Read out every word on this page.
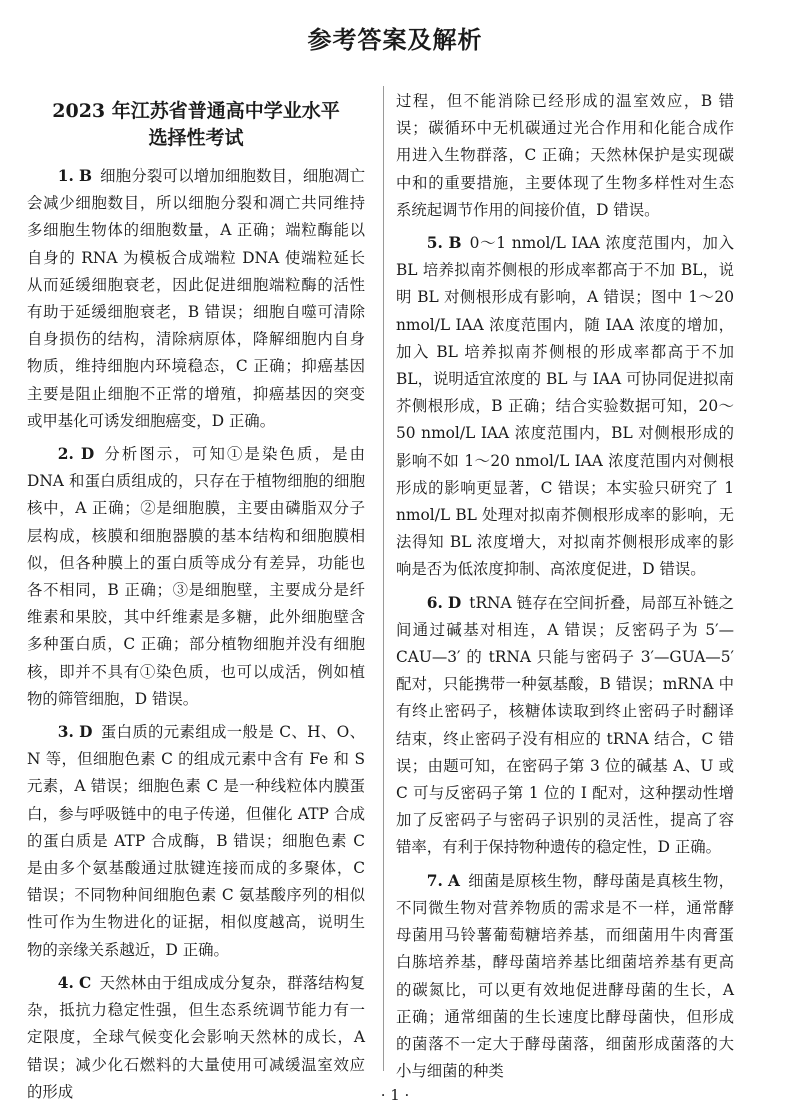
参考答案及解析
2023 年江苏省普通高中学业水平
选择性考试

1. B 细胞分裂可以增加细胞数目，细胞凋亡会减少细胞数目，所以细胞分裂和凋亡共同维持多细胞生物体的细胞数量，A 正确；端粒酶能以自身的 RNA 为模板合成端粒 DNA 使端粒延长从而延缓细胞衰老，因此促进细胞端粒酶的活性有助于延缓细胞衰老，B 错误；细胞自噬可清除自身损伤的结构，清除病原体，降解细胞内自身物质，维持细胞内环境稳态，C 正确；抑癌基因主要是阻止细胞不正常的增殖，抑癌基因的突变或甲基化可诱发细胞癌变，D 正确。

2. D 分析图示，可知①是染色质，是由 DNA 和蛋白质组成的，只存在于植物细胞的细胞核中，A 正确；②是细胞膜，主要由磷脂双分子层构成，核膜和细胞器膜的基本结构和细胞膜相似，但各种膜上的蛋白质等成分有差异，功能也各不相同，B 正确；③是细胞壁，主要成分是纤维素和果胶，其中纤维素是多糖，此外细胞壁含多种蛋白质，C 正确；部分植物细胞并没有细胞核，即并不具有①染色质，也可以成活，例如植物的筛管细胞，D 错误。

3. D 蛋白质的元素组成一般是 C、H、O、N 等，但细胞色素 C 的组成元素中含有 Fe 和 S 元素，A 错误；细胞色素 C 是一种线粒体内膜蛋白，参与呼吸链中的电子传递，但催化 ATP 合成的蛋白质是 ATP 合成酶，B 错误；细胞色素 C 是由多个氨基酸通过肽键连接而成的多聚体，C 错误；不同物种间细胞色素 C 氨基酸序列的相似性可作为生物进化的证据，相似度越高，说明生物的亲缘关系越近，D 正确。

4. C 天然林由于组成成分复杂，群落结构复杂，抵抗力稳定性强，但生态系统调节能力有一定限度，全球气候变化会影响天然林的成长，A 错误；减少化石燃料的大量使用可减缓温室效应的形成

过程，但不能消除已经形成的温室效应，B 错误；碳循环中无机碳通过光合作用和化能合成作用进入生物群落，C 正确；天然林保护是实现碳中和的重要措施，主要体现了生物多样性对生态系统起调节作用的间接价值，D 错误。

5. B 0～1 nmol/L IAA 浓度范围内，加入 BL 培养拟南芥侧根的形成率都高于不加 BL，说明 BL 对侧根形成有影响，A 错误；图中 1～20 nmol/L IAA 浓度范围内，随 IAA 浓度的增加，加入 BL 培养拟南芥侧根的形成率都高于不加 BL，说明适宜浓度的 BL 与 IAA 可协同促进拟南芥侧根形成，B 正确；结合实验数据可知，20～50 nmol/L IAA 浓度范围内，BL 对侧根形成的影响不如 1～20 nmol/L IAA 浓度范围内对侧根形成的影响更显著，C 错误；本实验只研究了 1 nmol/L BL 处理对拟南芥侧根形成率的影响，无法得知 BL 浓度增大，对拟南芥侧根形成率的影响是否为低浓度抑制、高浓度促进，D 错误。

6. D tRNA 链存在空间折叠，局部互补链之间通过碱基对相连，A 错误；反密码子为 5′—CAU—3′ 的 tRNA 只能与密码子 3′—GUA—5′配对，只能携带一种氨基酸，B 错误；mRNA 中有终止密码子，核糖体读取到终止密码子时翻译结束，终止密码子没有相应的 tRNA 结合，C 错误；由题可知，在密码子第 3 位的碱基 A、U 或 C 可与反密码子第 1 位的 I 配对，这种摆动性增加了反密码子与密码子识别的灵活性，提高了容错率，有利于保持物种遗传的稳定性，D 正确。

7. A 细菌是原核生物，酵母菌是真核生物，不同微生物对营养物质的需求是不一样，通常酵母菌用马铃薯葡萄糖培养基，而细菌用牛肉膏蛋白胨培养基，酵母菌培养基比细菌培养基有更高的碳氮比，可以更有效地促进酵母菌的生长，A 正确；通常细菌的生长速度比酵母菌快，但形成的菌落不一定大于酵母菌落，细菌形成菌落的大小与细菌的种类

· 1 ·
